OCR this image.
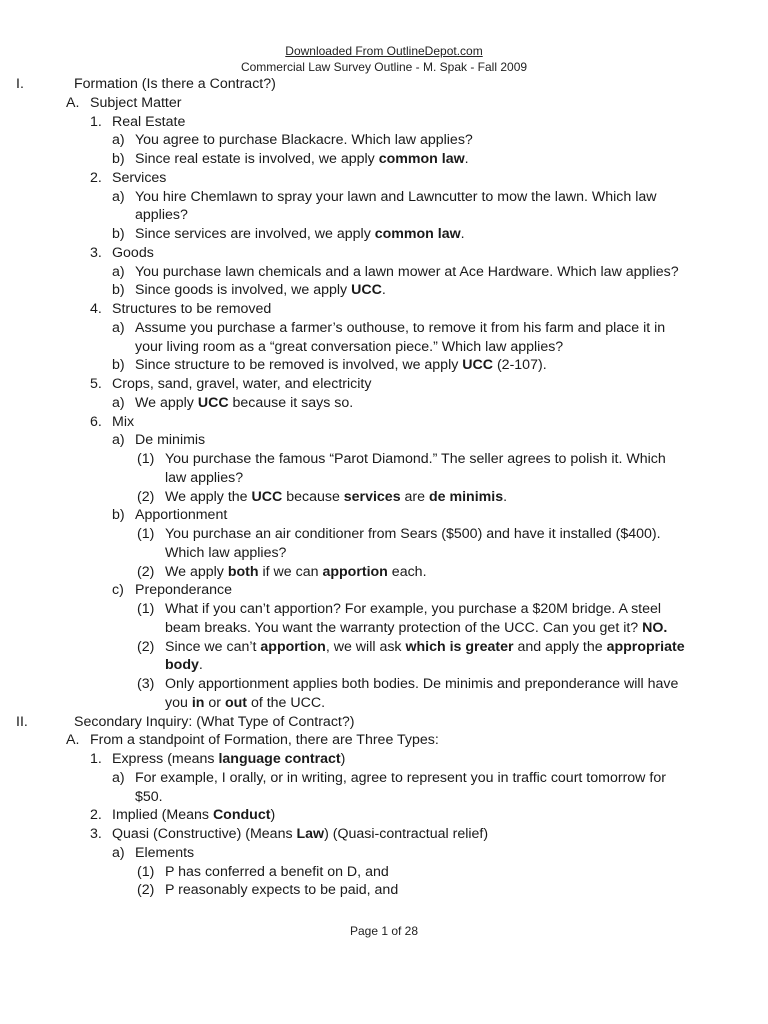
Downloaded From OutlineDepot.com
Commercial Law Survey Outline - M. Spak - Fall 2009
I.	Formation (Is there a Contract?)
A. Subject Matter
1. Real Estate
a) You agree to purchase Blackacre. Which law applies?
b) Since real estate is involved, we apply common law.
2. Services
a) You hire Chemlawn to spray your lawn and Lawncutter to mow the lawn. Which law
applies?
b) Since services are involved, we apply common law.
3. Goods
a) You purchase lawn chemicals and a lawn mower at Ace Hardware. Which law applies?
b) Since goods is involved, we apply UCC.
4. Structures to be removed
a) Assume you purchase a farmer’s outhouse, to remove it from his farm and place it in
your living room as a “great conversation piece.” Which law applies?
b) Since structure to be removed is involved, we apply UCC (2-107).
5. Crops, sand, gravel, water, and electricity
a) We apply UCC because it says so.
6. Mix
a) De minimis
(1) You purchase the famous “Parot Diamond.” The seller agrees to polish it. Which
law applies?
(2) We apply the UCC because services are de minimis.
b) Apportionment
(1) You purchase an air conditioner from Sears ($500) and have it installed ($400).
Which law applies?
(2) We apply both if we can apportion each.
c) Preponderance
(1) What if you can’t apportion? For example, you purchase a $20M bridge. A steel
beam breaks. You want the warranty protection of the UCC. Can you get it? NO.
(2) Since we can’t apportion, we will ask which is greater and apply the appropriate
body.
(3) Only apportionment applies both bodies. De minimis and preponderance will have
you in or out of the UCC.
II.	Secondary Inquiry: (What Type of Contract?)
A. From a standpoint of Formation, there are Three Types:
1. Express (means language contract)
a) For example, I orally, or in writing, agree to represent you in traffic court tomorrow for
$50.
2. Implied (Means Conduct)
3. Quasi (Constructive) (Means Law) (Quasi-contractual relief)
a) Elements
(1) P has conferred a benefit on D, and
(2) P reasonably expects to be paid, and
Page 1 of 28
